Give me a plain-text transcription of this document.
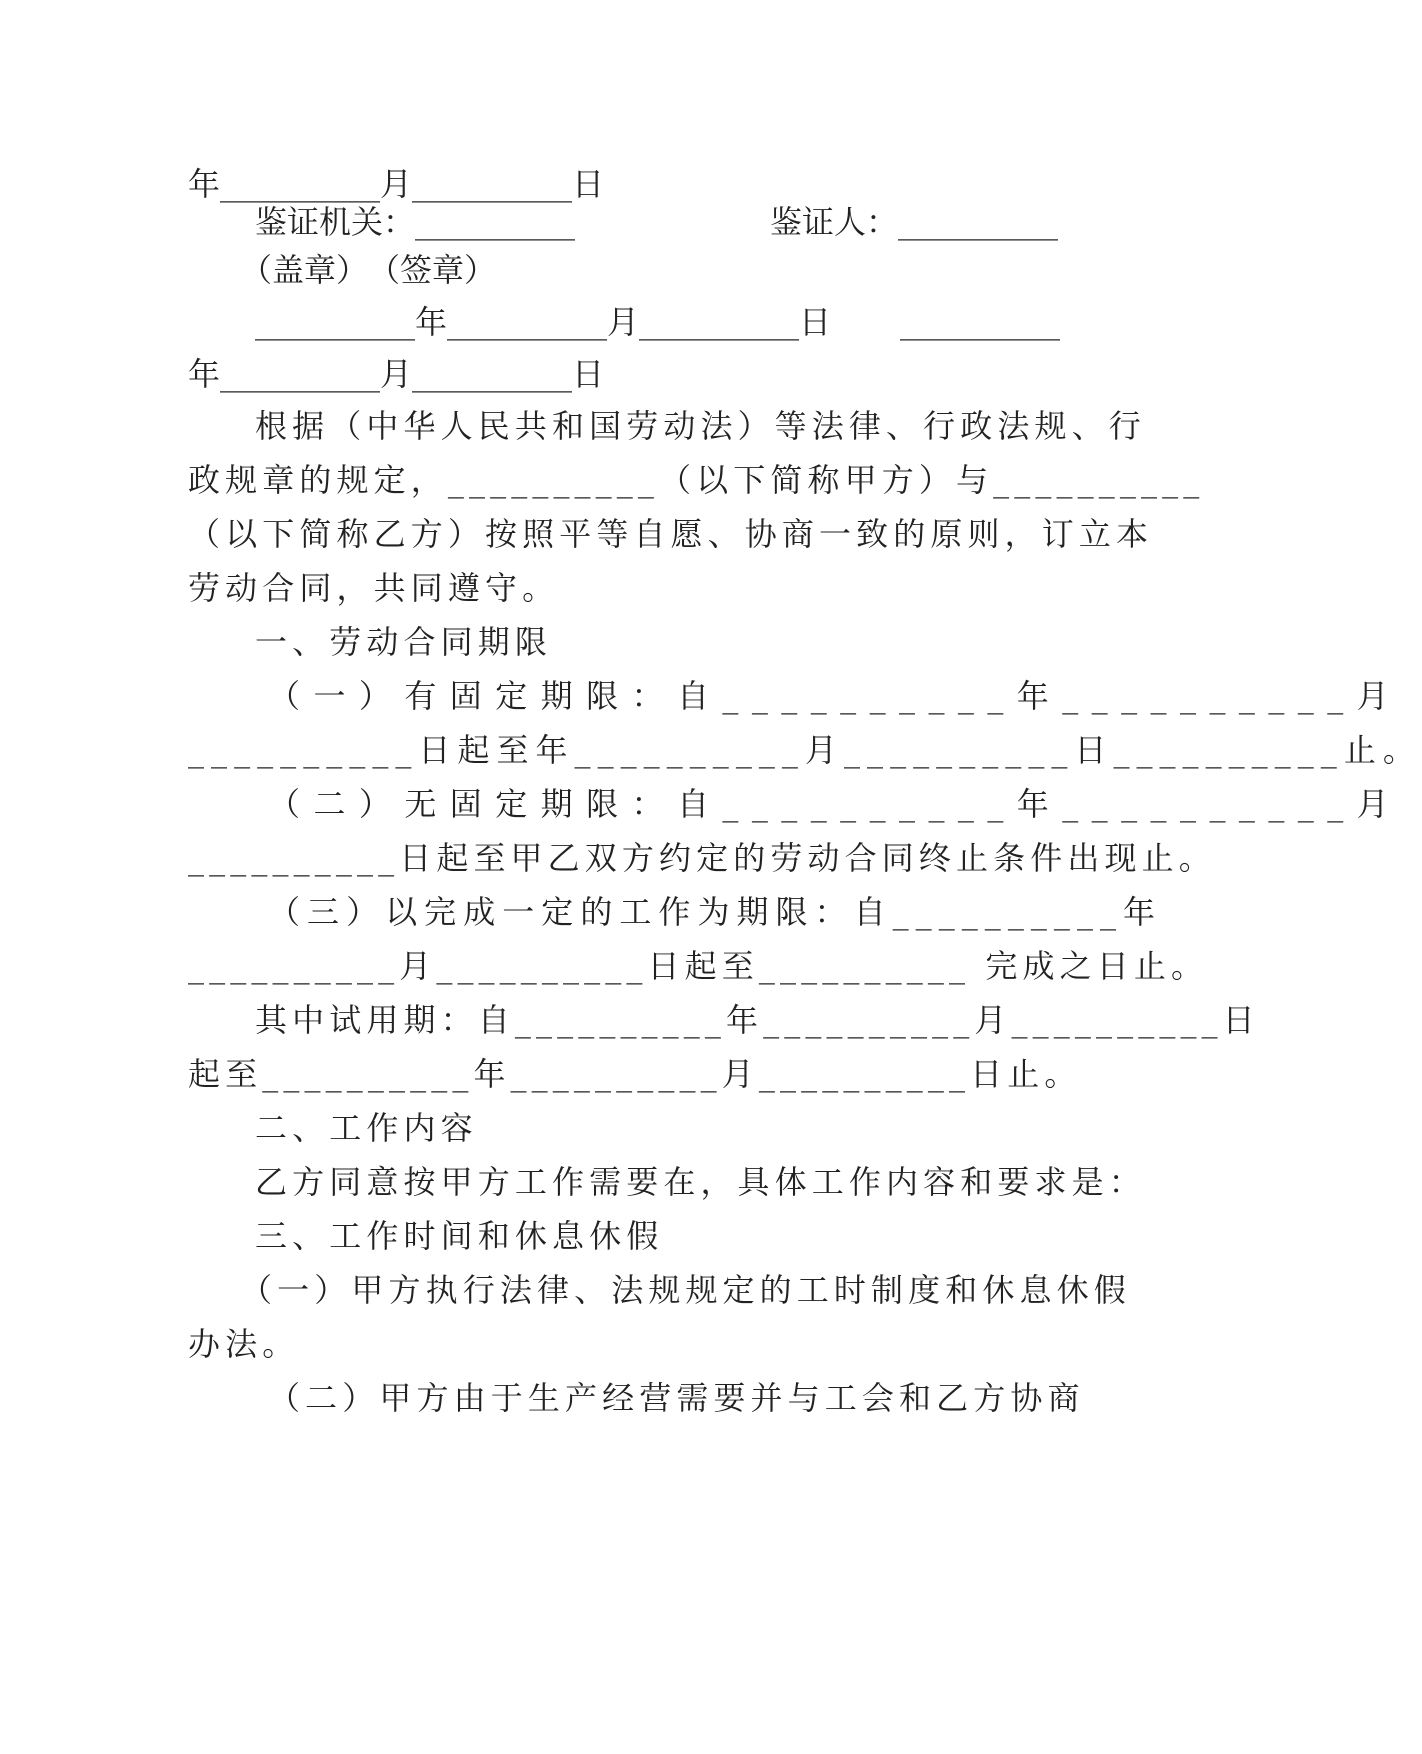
年__________月__________日
鉴证机关：__________	鉴证人：__________
（盖章）　（签章）
__________年__________月__________日 __________
年__________月__________日
根据（中华人民共和国劳动法）等法律、行政法规、行
政规章的规定，__________（以下简称甲方）与__________
（以下简称乙方）按照平等自愿、协商一致的原则，订立本
劳动合同，共同遵守。
一、劳动合同期限
（一）有固定期限：自__________年__________月
__________日起至年__________月__________日__________止。
（二）无固定期限：自__________年__________月
__________日起至甲乙双方约定的劳动合同终止条件出现止。
（三）以完成一定的工作为期限：自__________年
__________月__________日起至__________ 完成之日止。
其中试用期：自__________年__________月__________日
起至__________年__________月__________日止。
二、工作内容
乙方同意按甲方工作需要在，具体工作内容和要求是：
三、工作时间和休息休假
（一）甲方执行法律、法规规定的工时制度和休息休假
办法。
（二）甲方由于生产经营需要并与工会和乙方协商
